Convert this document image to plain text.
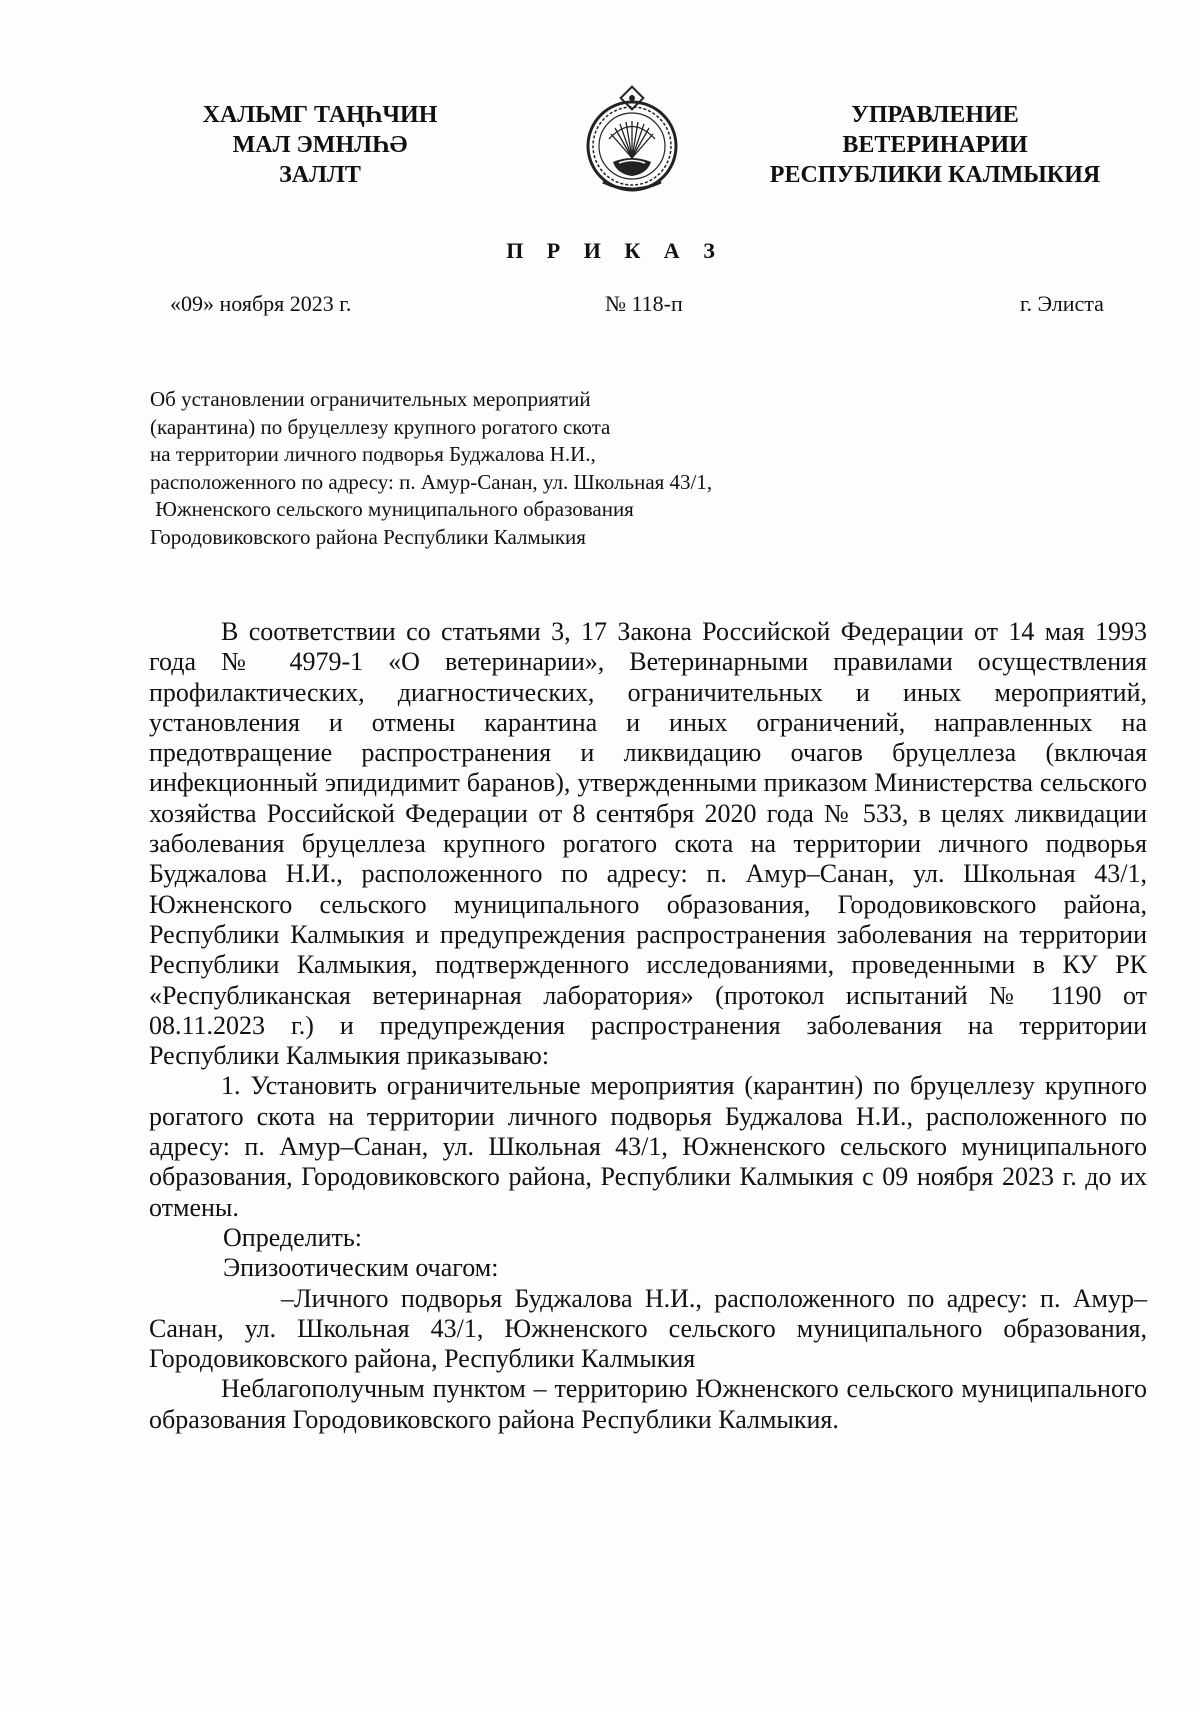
ХАЛЬМГ ТАҢҺЧИН
МАЛ ЭМНЛҺӘ
ЗАЛЛТ
УПРАВЛЕНИЕ
ВЕТЕРИНАРИИ
РЕСПУБЛИКИ КАЛМЫКИЯ
П Р И К А З
«09» ноября 2023 г.	№ 118-п	г. Элиста
Об установлении ограничительных мероприятий
(карантина) по бруцеллезу крупного рогатого скота
на территории личного подворья Буджалова Н.И.,
расположенного по адресу: п. Амур-Санан, ул. Школьная 43/1,
Южненского сельского муниципального образования
Городовиковского района Республики Калмыкия

В соответствии со статьями 3, 17 Закона Российской Федерации от 14 мая 1993 года № 4979-1 «О ветеринарии», Ветеринарными правилами осуществления профилактических, диагностических, ограничительных и иных мероприятий, установления и отмены карантина и иных ограничений, направленных на предотвращение распространения и ликвидацию очагов бруцеллеза (включая инфекционный эпидидимит баранов), утвержденными приказом Министерства сельского хозяйства Российской Федерации от 8 сентября 2020 года № 533, в целях ликвидации заболевания бруцеллеза крупного рогатого скота на территории личного подворья Буджалова Н.И., расположенного по адресу: п. Амур–Санан, ул. Школьная 43/1, Южненского сельского муниципального образования, Городовиковского района, Республики Калмыкия и предупреждения распространения заболевания на территории Республики Калмыкия, подтвержденного исследованиями, проведенными в КУ РК «Республиканская ветеринарная лаборатория» (протокол испытаний № 1190 от 08.11.2023 г.) и предупреждения распространения заболевания на территории Республики Калмыкия приказываю:

1. Установить ограничительные мероприятия (карантин) по бруцеллезу крупного рогатого скота на территории личного подворья Буджалова Н.И., расположенного по адресу: п. Амур–Санан, ул. Школьная 43/1, Южненского сельского муниципального образования, Городовиковского района, Республики Калмыкия с 09 ноября 2023 г. до их отмены.

Определить:

Эпизоотическим очагом:

–Личного подворья Буджалова Н.И., расположенного по адресу: п. Амур–Санан, ул. Школьная 43/1, Южненского сельского муниципального образования, Городовиковского района, Республики Калмыкия

Неблагополучным пунктом – территорию Южненского сельского муниципального образования Городовиковского района Республики Калмыкия.
